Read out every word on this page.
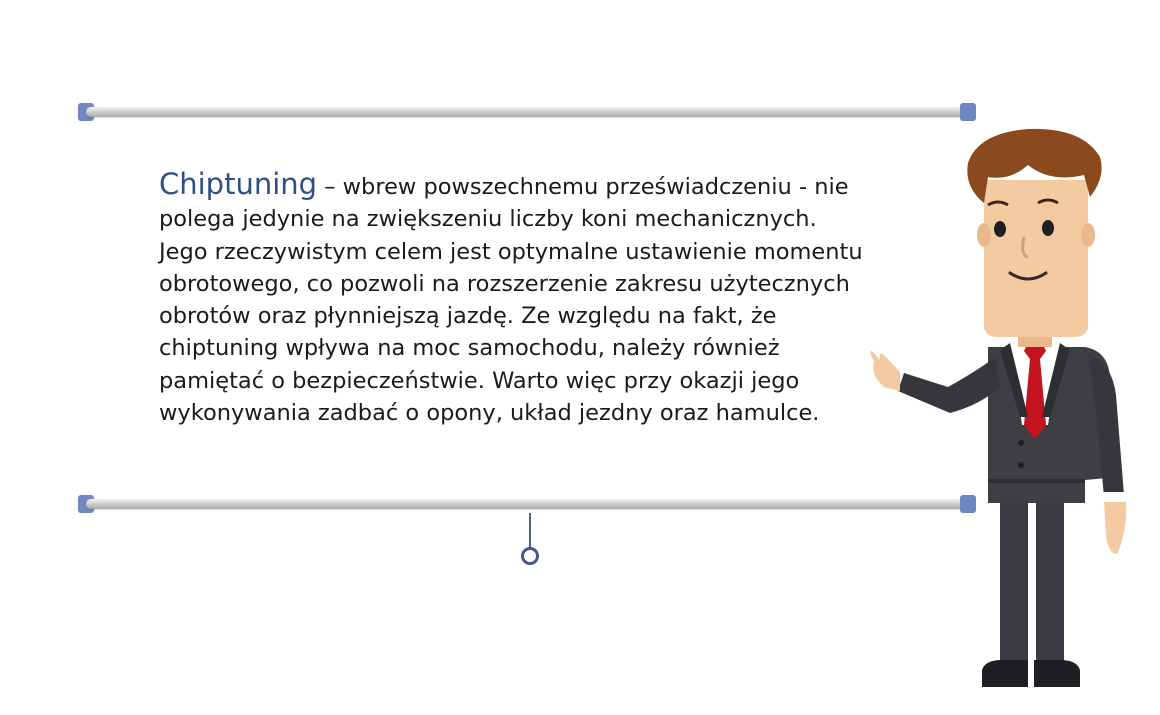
Chiptuning – wbrew powszechnemu przeświadczeniu - nie
polega jedynie na zwiększeniu liczby koni mechanicznych.
Jego rzeczywistym celem jest optymalne ustawienie momentu
obrotowego, co pozwoli na rozszerzenie zakresu użytecznych
obrotów oraz płynniejszą jazdę. Ze względu na fakt, że
chiptuning wpływa na moc samochodu, należy również
pamiętać o bezpieczeństwie. Warto więc przy okazji jego
wykonywania zadbać o opony, układ jezdny oraz hamulce.
